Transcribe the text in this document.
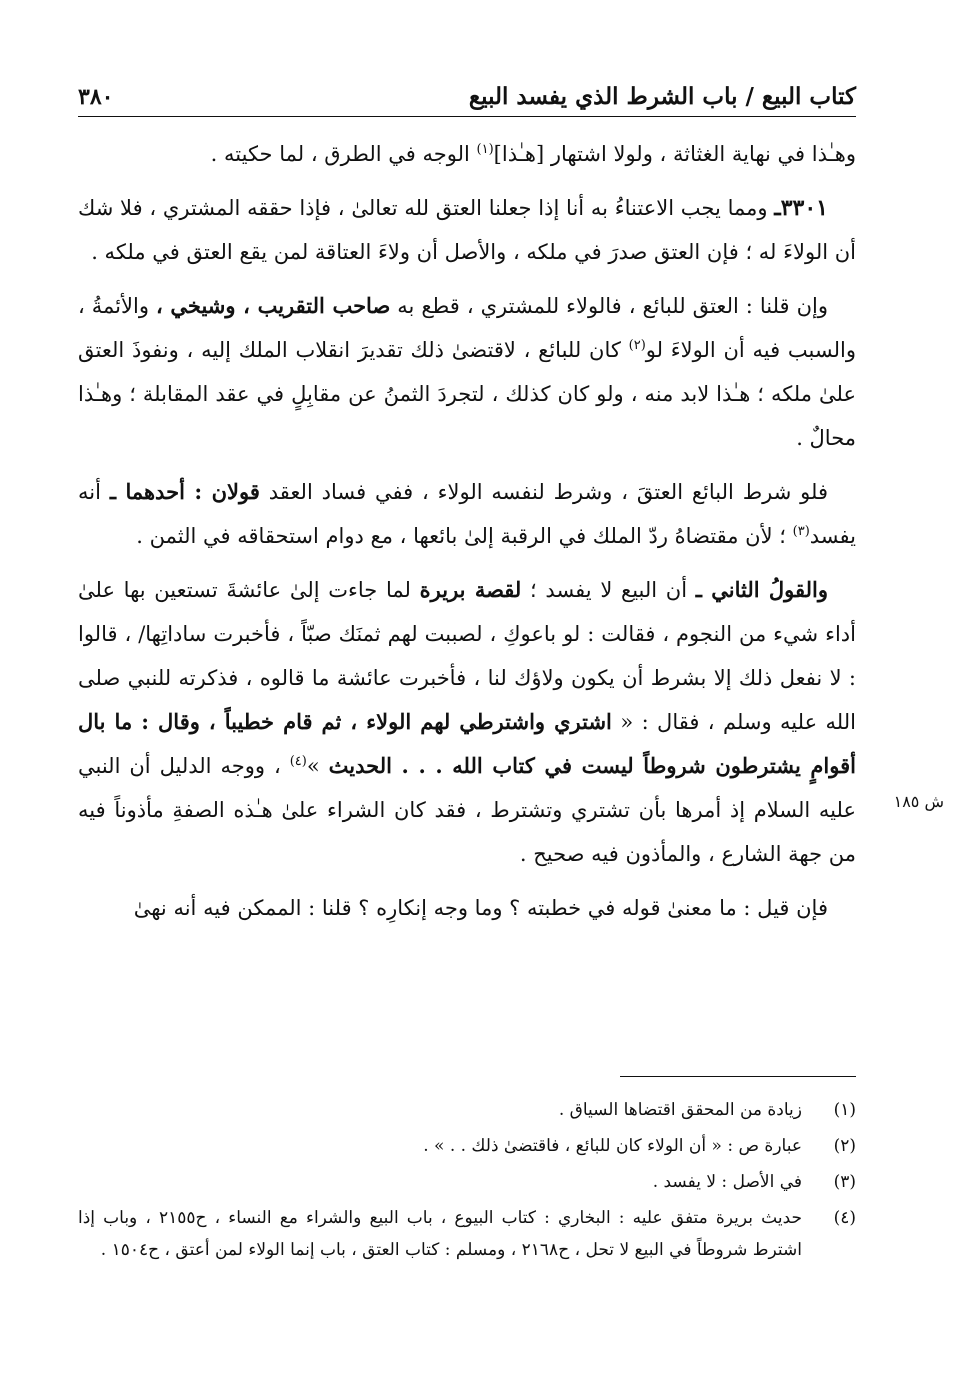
كتاب البيع / باب الشرط الذي يفسد البيع
٣٨٠

وهـٰذا في نهاية الغثاثة ، ولولا اشتهار [هـٰذا]$^{(١)}$ الوجه في الطرق ، لما حكيته .

٣٣٠١ـ ومما يجب الاعتناءُ به أنا إذا جعلنا العتق لله تعالىٰ ، فإذا حققه المشتري ، فلا شك أن الولاءَ له ؛ فإن العتق صدرَ في ملكه ، والأصل أن ولاءَ العتاقة لمن يقع العتق في ملكه .

وإن قلنا : العتق للبائع ، فالولاء للمشتري ، قطع به صاحب التقريب ، وشيخي ، والأئمةُ ، والسبب فيه أن الولاءَ لو$^{(٢)}$ كان للبائع ، لاقتضىٰ ذلك تقديرَ انقلاب الملك إليه ، ونفوذَ العتق علىٰ ملكه ؛ هـٰذا لابد منه ، ولو كان كذلك ، لتجردَ الثمنُ عن مقابِلٍ في عقد المقابلة ؛ وهـٰذا محالٌ .

فلو شرط البائع العتقَ ، وشرط لنفسه الولاء ، ففي فساد العقد قولان : أحدهما ـ أنه يفسد$^{(٣)}$ ؛ لأن مقتضاهُ ردّ الملك في الرقبة إلىٰ بائعها ، مع دوام استحقاقه في الثمن .

والقولُ الثاني ـ أن البيع لا يفسد ؛ لقصة بريرة لما جاءت إلىٰ عائشةَ تستعين بها علىٰ أداء شيء من النجوم ، فقالت : لو باعوكِ ، لصببت لهم ثمنَك صبّاً ، فأخبرت ساداتِها/ ، قالوا : لا نفعل ذلك إلا بشرط أن يكون ولاؤك لنا ، فأخبرت عائشة ما قالوه ، فذكرته للنبي صلى الله عليه وسلم ، فقال : « اشتري واشترطي لهم الولاء ، ثم قام خطيباً ، وقال : ما بال أقوامٍ يشترطون شروطاً ليست في كتاب الله . . . الحديث »$^{(٤)}$ ، ووجه الدليل أن النبي عليه السلام إذ أمرها بأن تشتري وتشترط ، فقد كان الشراء علىٰ هـٰذه الصفةِ مأذوناً فيه من جهة الشارع ، والمأذون فيه صحيح .

فإن قيل : ما معنىٰ قوله في خطبته ؟ وما وجه إنكارِه ؟ قلنا : الممكن فيه أنه نهىٰ

ش ١٨٥
(١)
زيادة من المحقق اقتضاها السياق .
(٢)
عبارة ص : « أن الولاء كان للبائع ، فاقتضىٰ ذلك . . » .
(٣)
في الأصل : لا يفسد .
(٤)
حديث بريرة متفق عليه : البخاري : كتاب البيوع ، باب البيع والشراء مع النساء ، ح٢١٥٥ ، وباب إذا اشترط شروطاً في البيع لا تحل ، ح٢١٦٨ ، ومسلم : كتاب العتق ، باب إنما الولاء لمن أعتق ، ح١٥٠٤ .
